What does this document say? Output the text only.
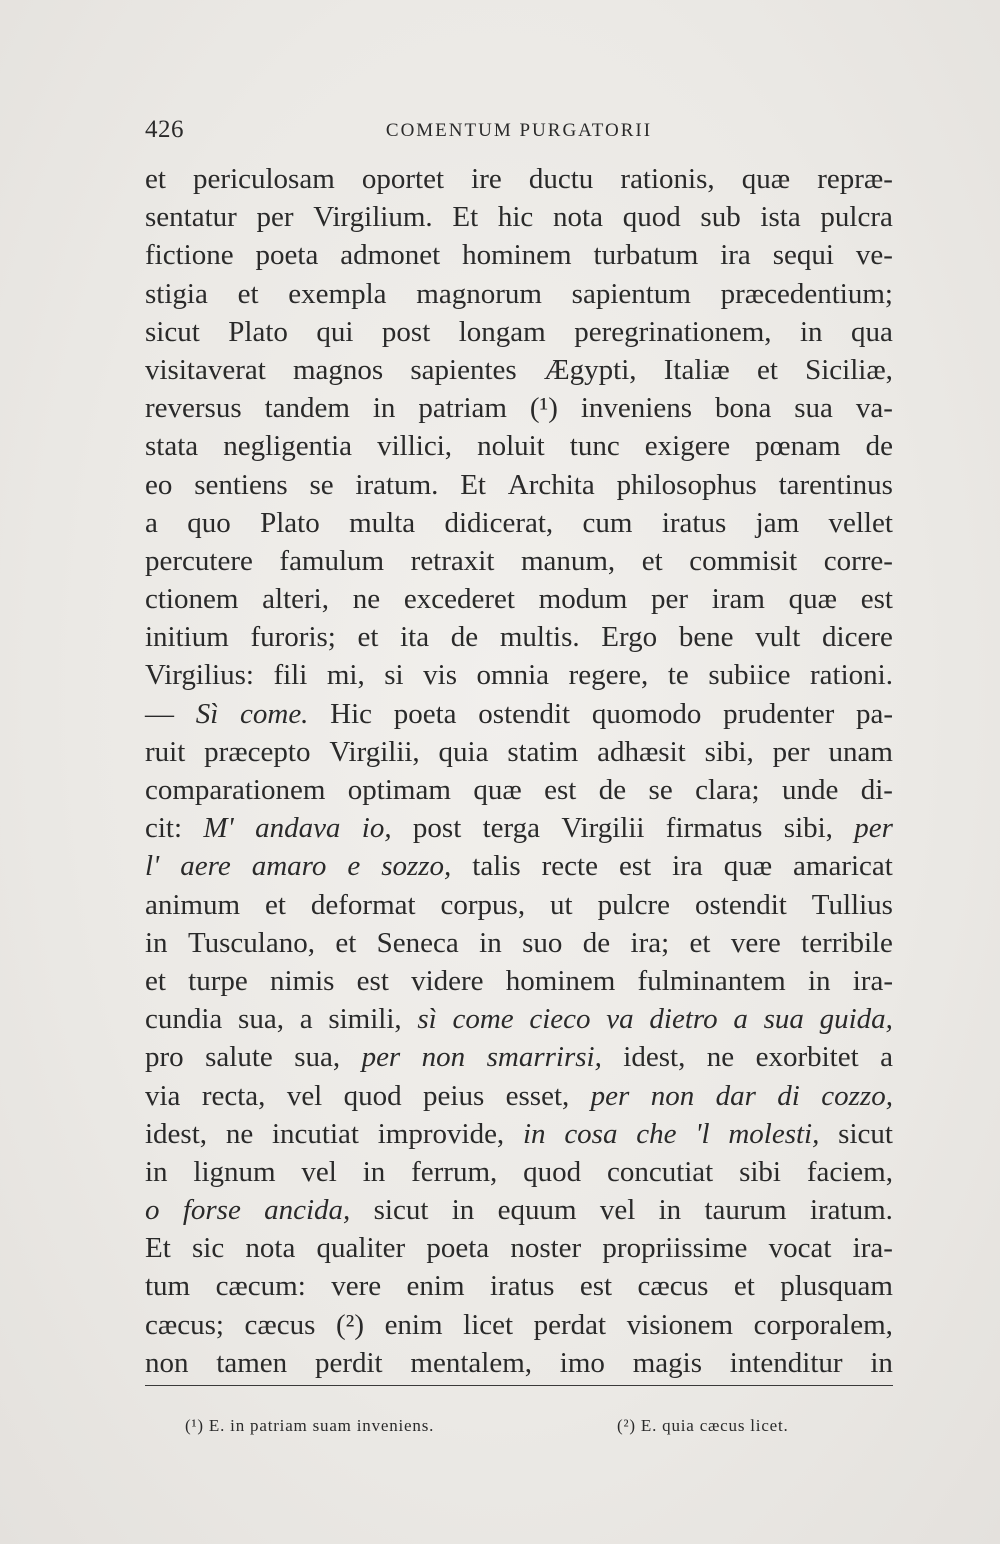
426	COMENTUM PURGATORII
et periculosam oportet ire ductu rationis, quæ repræ-
sentatur per Virgilium. Et hic nota quod sub ista pulcra
fictione poeta admonet hominem turbatum ira sequi ve-
stigia et exempla magnorum sapientum præcedentium;
sicut Plato qui post longam peregrinationem, in qua
visitaverat magnos sapientes Ægypti, Italiæ et Siciliæ,
reversus tandem in patriam (¹) inveniens bona sua va-
stata negligentia villici, noluit tunc exigere pœnam de
eo sentiens se iratum. Et Archita philosophus tarentinus
a quo Plato multa didicerat, cum iratus jam vellet
percutere famulum retraxit manum, et commisit corre-
ctionem alteri, ne excederet modum per iram quæ est
initium furoris; et ita de multis. Ergo bene vult dicere
Virgilius: fili mi, si vis omnia regere, te subiice rationi.
— Sì come. Hic poeta ostendit quomodo prudenter pa-
ruit præcepto Virgilii, quia statim adhæsit sibi, per unam
comparationem optimam quæ est de se clara; unde di-
cit: M' andava io, post terga Virgilii firmatus sibi, per
l' aere amaro e sozzo, talis recte est ira quæ amaricat
animum et deformat corpus, ut pulcre ostendit Tullius
in Tusculano, et Seneca in suo de ira; et vere terribile
et turpe nimis est videre hominem fulminantem in ira-
cundia sua, a simili, sì come cieco va dietro a sua guida,
pro salute sua, per non smarrirsi, idest, ne exorbitet a
via recta, vel quod peius esset, per non dar di cozzo,
idest, ne incutiat improvide, in cosa che 'l molesti, sicut
in lignum vel in ferrum, quod concutiat sibi faciem,
o forse ancida, sicut in equum vel in taurum iratum.
Et sic nota qualiter poeta noster propriissime vocat ira-
tum cæcum: vere enim iratus est cæcus et plusquam
cæcus; cæcus (²) enim licet perdat visionem corporalem,
non tamen perdit mentalem, imo magis intenditur in
(¹) E. in patriam suam inveniens.	(²) E. quia cæcus licet.
